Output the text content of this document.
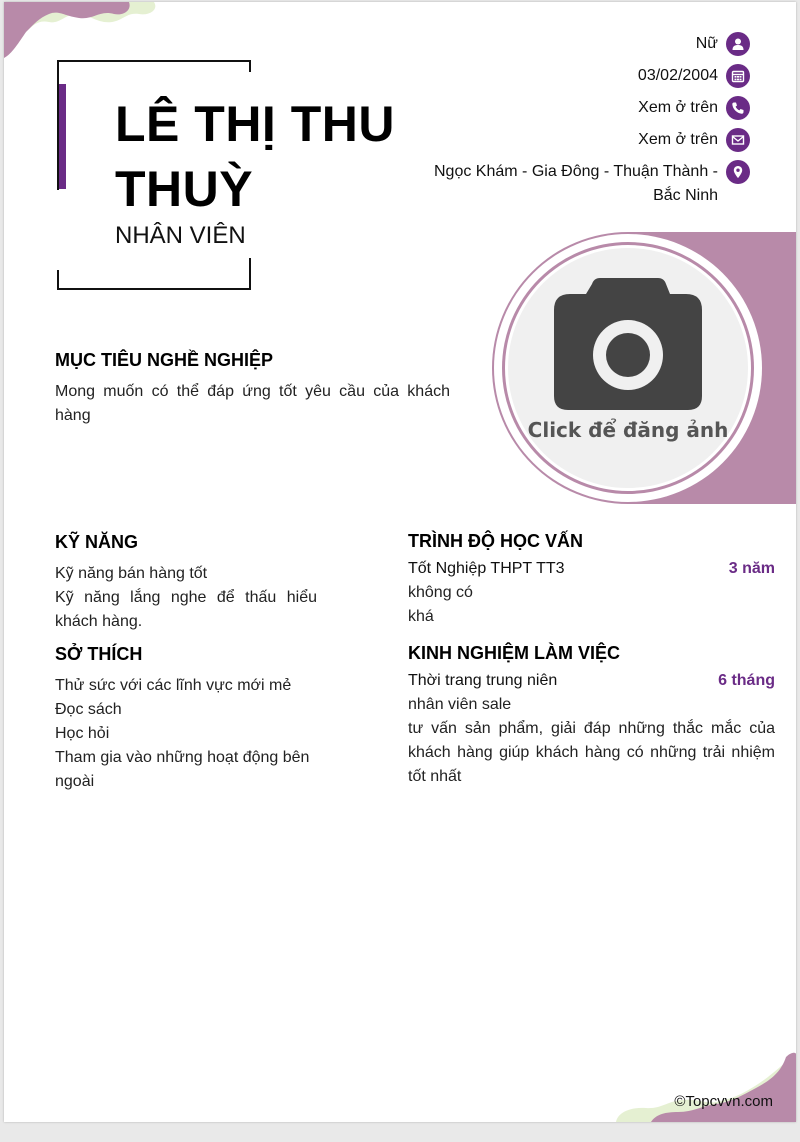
LÊ THỊ THU THUỲ
NHÂN VIÊN
Nữ
03/02/2004
Xem ở trên
Xem ở trên
Ngọc Khám - Gia Đông - Thuận Thành - Bắc Ninh
Click để đăng ảnh
MỤC TIÊU NGHỀ NGHIỆP
Mong muốn có thể đáp ứng tốt yêu cầu của khách hàng
KỸ NĂNG
Kỹ năng bán hàng tốt
Kỹ năng lắng nghe để thấu hiểu khách hàng.
SỞ THÍCH
Thử sức với các lĩnh vực mới mẻ
Đọc sách
Học hỏi
Tham gia vào những hoạt động bên ngoài
TRÌNH ĐỘ HỌC VẤN
Tốt Nghiệp THPT TT3	3 năm
không có
khá
KINH NGHIỆM LÀM VIỆC
Thời trang trung niên	6 tháng
nhân viên sale
tư vấn sản phẩm, giải đáp những thắc mắc của khách hàng giúp khách hàng có những trải nhiệm tốt nhất
©Topcvvn.com
